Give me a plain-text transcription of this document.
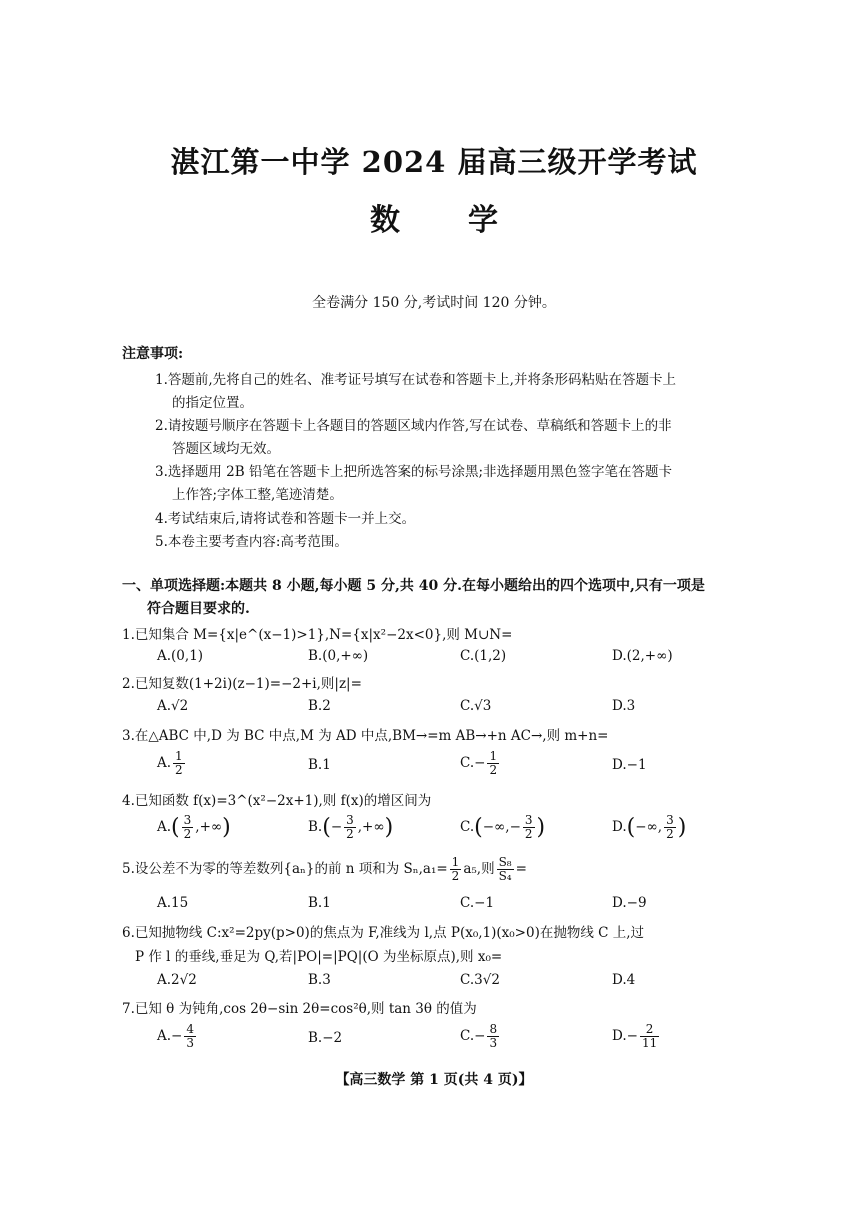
湛江第一中学 2024 届高三级开学考试
数 学
全卷满分 150 分,考试时间 120 分钟。
注意事项:
1.答题前,先将自己的姓名、准考证号填写在试卷和答题卡上,并将条形码粘贴在答题卡上
的指定位置。
2.请按题号顺序在答题卡上各题目的答题区域内作答,写在试卷、草稿纸和答题卡上的非
答题区域均无效。
3.选择题用 2B 铅笔在答题卡上把所选答案的标号涂黑;非选择题用黑色签字笔在答题卡
上作答;字体工整,笔迹清楚。
4.考试结束后,请将试卷和答题卡一并上交。
5.本卷主要考查内容:高考范围。
一、单项选择题:本题共 8 小题,每小题 5 分,共 40 分.在每小题给出的四个选项中,只有一项是
符合题目要求的.
1.已知集合 M={x|e^(x−1)>1},N={x|x²−2x<0},则 M∪N=
A.(0,1)	B.(0,+∞)	C.(1,2)	D.(2,+∞)
2.已知复数(1+2i)(z−1)=−2+i,则|z|=
A.√2	B.2	C.√3	D.3
3.在△ABC 中,D 为 BC 中点,M 为 AD 中点,BM→=m AB→+n AC→,则 m+n=
A. $\frac{1}{2}$	B.1	$C.- \frac{1}{2}$	D.−1
4.已知函数 f(x)=3^(x²−2x+1),则 f(x)的增区间为
$A.( \frac{3}{2}$ ,+∞)	$B.(- \frac{3}{2}$ ,+∞)	$C.(-\infty,- \frac{3}{2}$ )	D.(−∞, $\frac{3}{2}$ )
5.设公差不为零的等差数列{aₙ}的前 n 项和为 $S_n,a_1= \frac{1}{2} a_5$,则 $\frac{\text{S₈}}{\text{S₄}}$ =
A.15	B.1	C.−1	D.−9
6.已知抛物线 C:x²=2py(p>0)的焦点为 F,准线为 l,点 P(x₀,1)(x₀>0)在抛物线 C 上,过
P 作 l 的垂线,垂足为 Q,若|PO|=|PQ|(O 为坐标原点),则 x₀=
A.2√2	B.3	C.3√2	D.4
7.已知 θ 为钝角,cos 2θ−sin 2θ=cos²θ,则 tan 3θ 的值为
$A.- \frac{4}{3}$	B.−2	$C.- \frac{8}{3}$	$D.- \frac{2}{11}$
【高三数学 第 1 页(共 4 页)】
